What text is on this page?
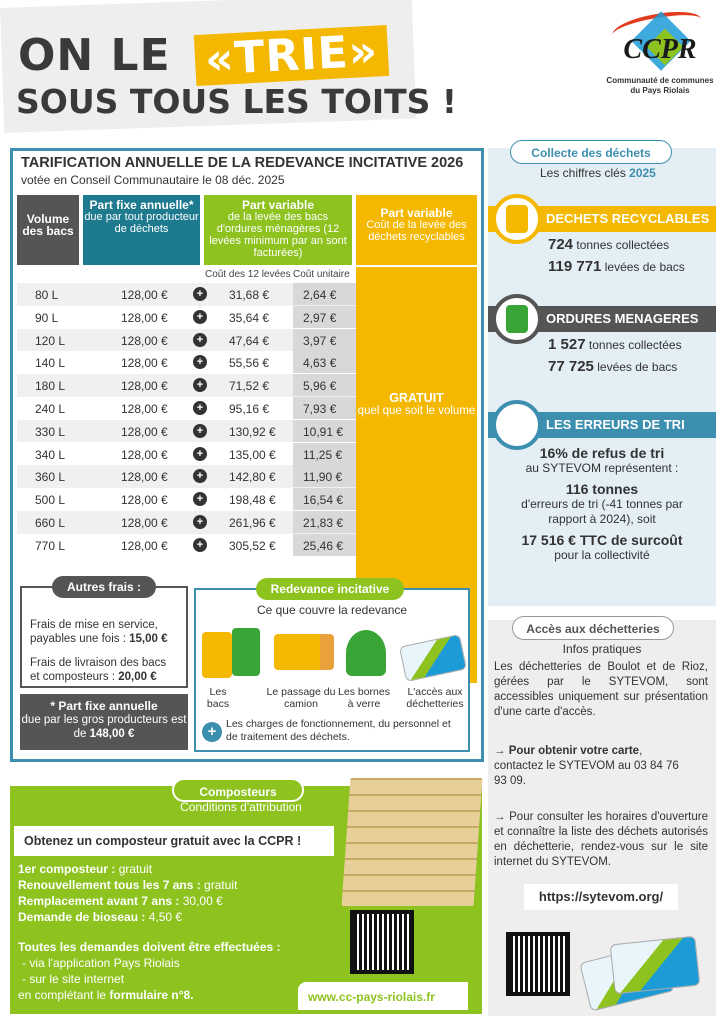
ON LE «TRIE»
SOUS TOUS LES TOITS !
CCPR
Communauté de communes
du Pays Riolais
TARIFICATION ANNUELLE DE LA REDEVANCE INCITATIVE 2026
votée en Conseil Communautaire le 08 déc. 2025
Volume des bacs
Part fixe annuelle*
due par tout producteur de déchets
Part variable
de la levée des bacs d'ordures ménagères (12 levées minimum par an sont facturées)
Part variable
Coût de la levée des déchets recyclables
Coût des 12 levées Coût unitaire
GRATUIT
quel que soit le volume
80 L	128,00 €	+	31,68 €	2,64 €
90 L	128,00 €	+	35,64 €	2,97 €
120 L	128,00 €	+	47,64 €	3,97 €
140 L	128,00 €	+	55,56 €	4,63 €
180 L	128,00 €	+	71,52 €	5,96 €
240 L	128,00 €	+	95,16 €	7,93 €
330 L	128,00 €	+	130,92 €	10,91 €
340 L	128,00 €	+	135,00 €	11,25 €
360 L	128,00 €	+	142,80 €	11,90 €
500 L	128,00 €	+	198,48 €	16,54 €
660 L	128,00 €	+	261,96 €	21,83 €
770 L	128,00 €	+	305,52 €	25,46 €

Frais de mise en service, payables une fois : 15,00 €

Frais de livraison des bacs et composteurs : 20,00 €

Autres frais :
* Part fixe annuelle
due par les gros producteurs est de 148,00 €
Ce que couvre la redevance
Les bacs
Le passage du camion
Les bornes à verre
L'accès aux déchetteries
+ Les charges de fonctionnement, du personnel et de traitement des déchets.
Redevance incitative
Composteurs
Conditions d'attribution
Obtenez un composteur gratuit avec la CCPR !
1er composteur : gratuit
Renouvellement tous les 7 ans : gratuit
Remplacement avant 7 ans : 30,00 €
Demande de bioseau : 4,50 €
Toutes les demandes doivent être effectuées :
- via l'application Pays Riolais
- sur le site internet
en complétant le formulaire n°8.	www.cc-pays-riolais.fr
Collecte des déchets
Les chiffres clés 2025
DECHETS RECYCLABLES
724 tonnes collectées
119 771 levées de bacs
ORDURES MENAGERES
1 527 tonnes collectées
77 725 levées de bacs
LES ERREURS DE TRI
16% de refus de tri
au SYTEVOM représentent :
116 tonnes
d'erreurs de tri (-41 tonnes par rapport à 2024), soit
17 516 € TTC de surcoût
pour la collectivité
Accès aux déchetteries
Infos pratiques
Les déchetteries de Boulot et de Rioz, gérées par le SYTEVOM, sont accessibles uniquement sur présentation d'une carte d'accès.
→ Pour obtenir votre carte, contactez le SYTEVOM au 03 84 76 93 09.
→ Pour consulter les horaires d'ouverture et connaître la liste des déchets autorisés en déchetterie, rendez-vous sur le site internet du SYTEVOM.
https://sytevom.org/
